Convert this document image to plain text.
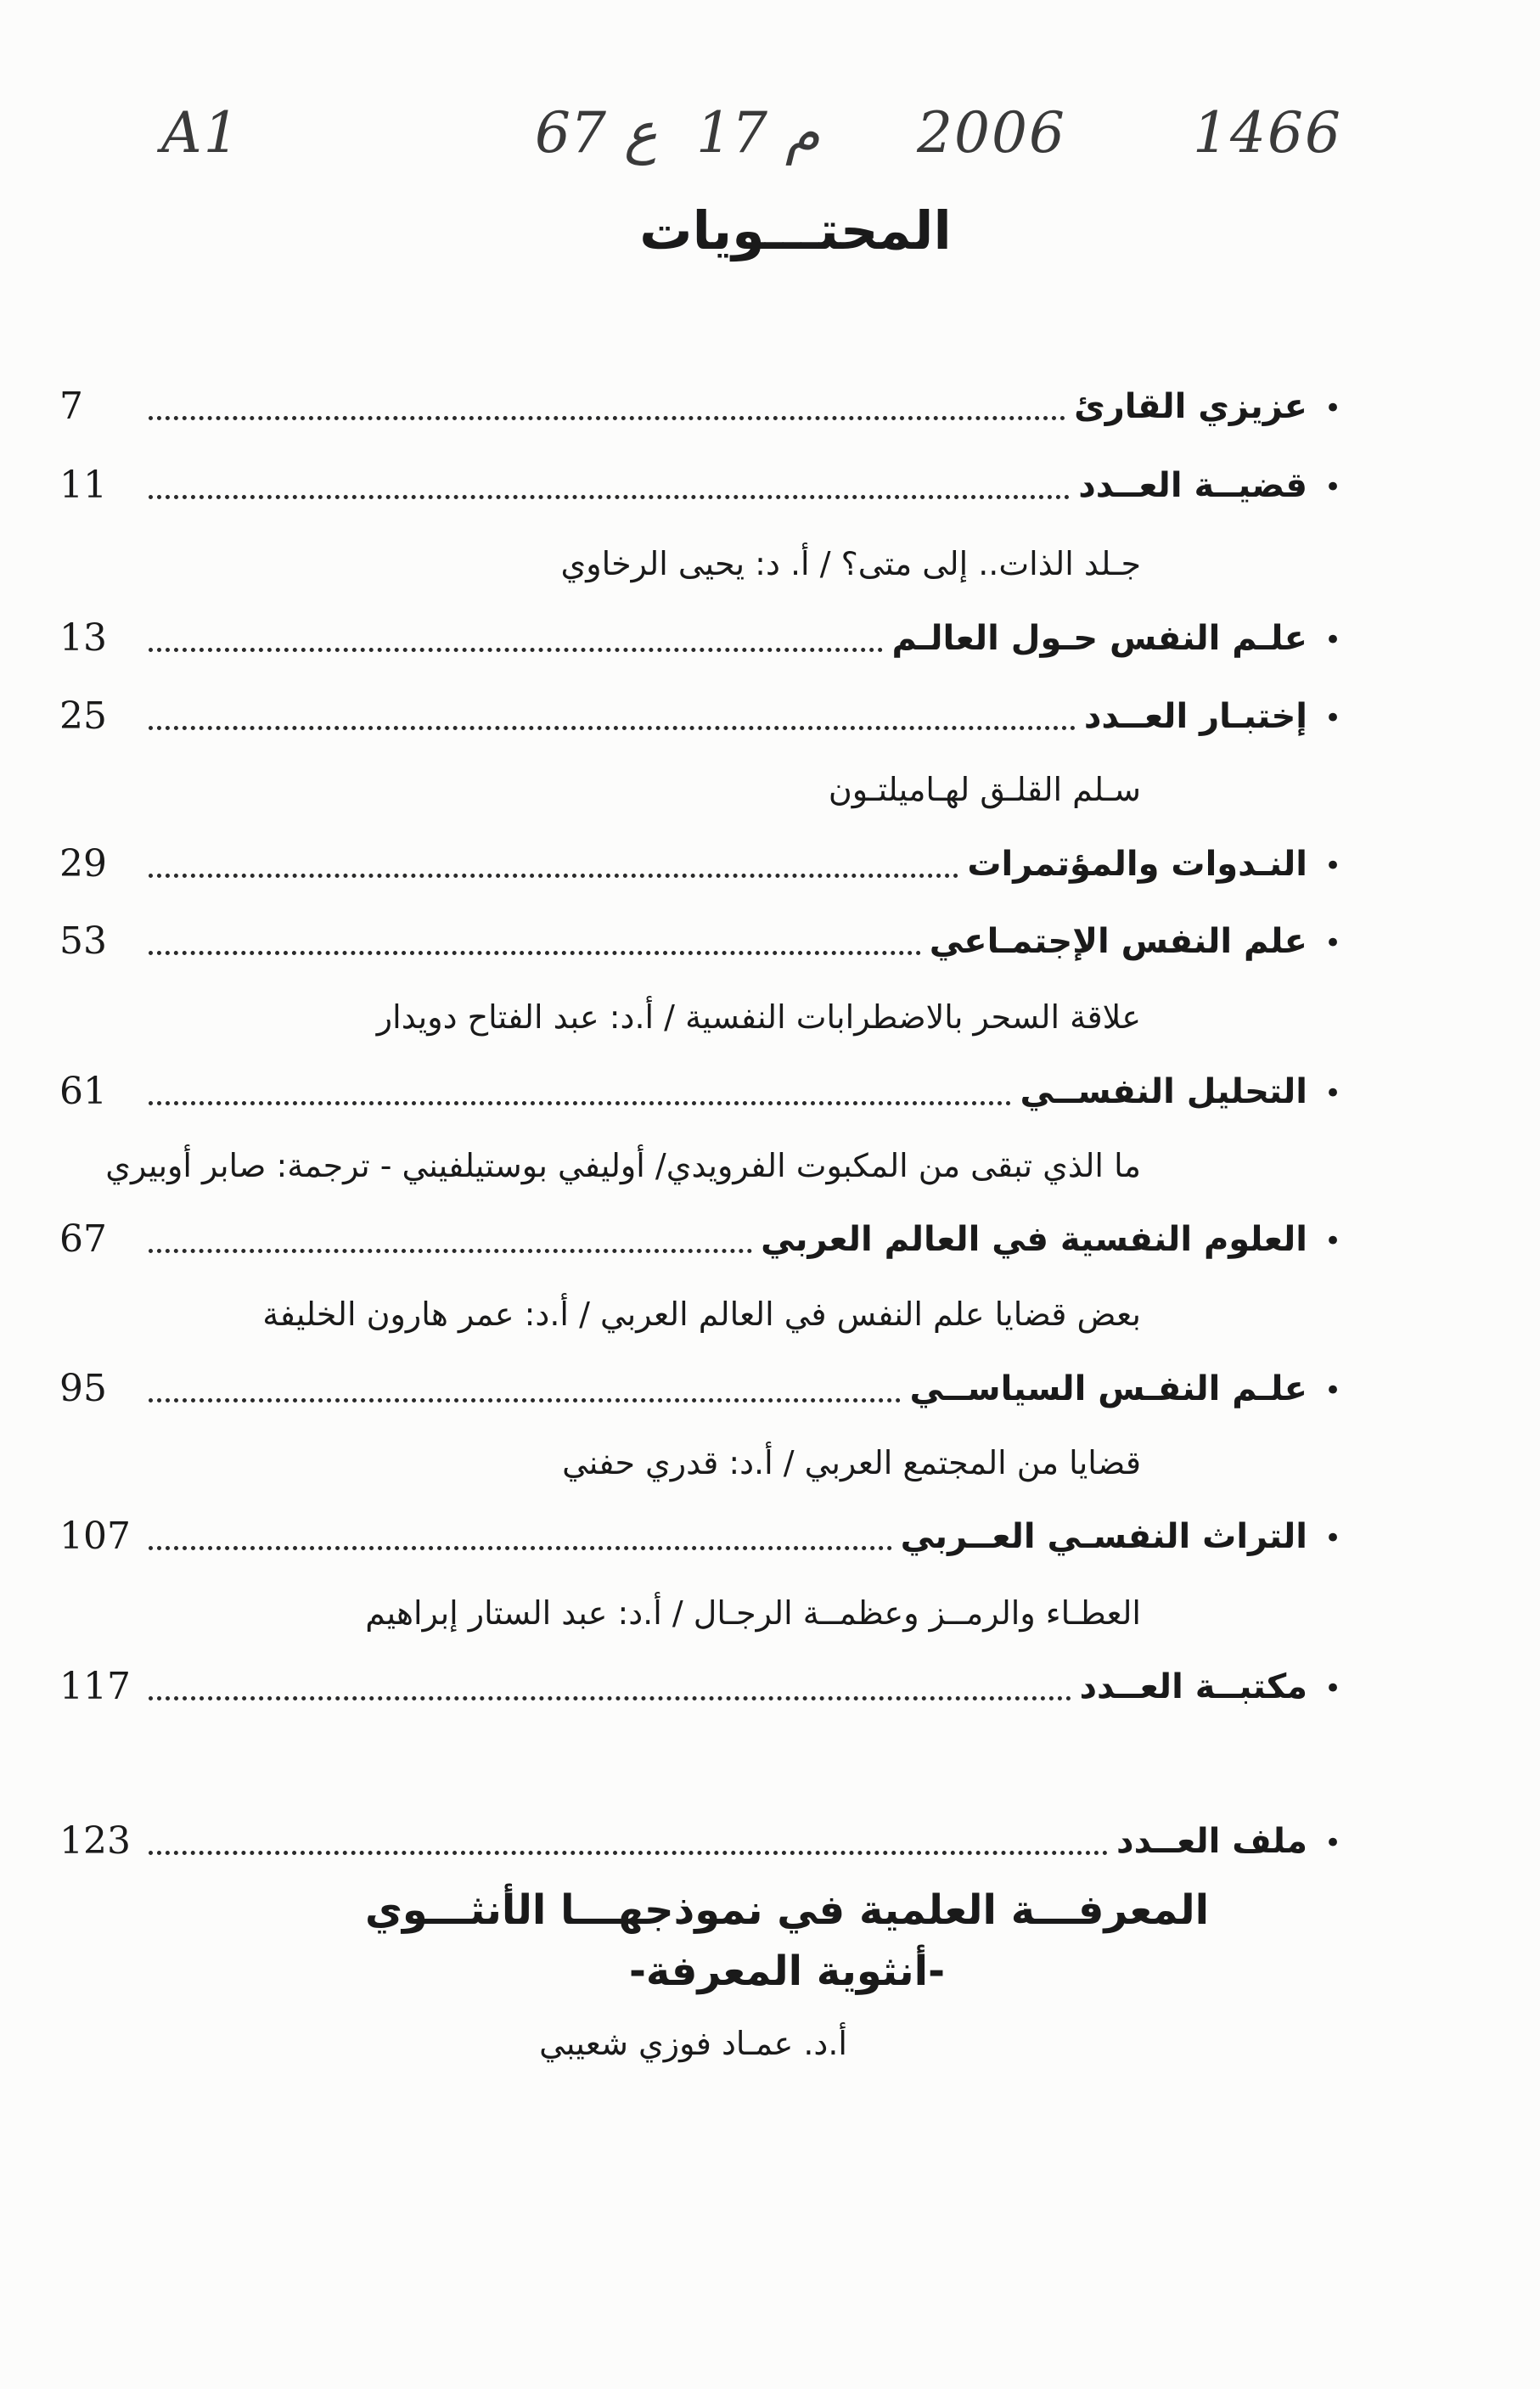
A1	67 ع 17 م 2006 1466
المحتـــويات
•
عزيزي القارئ
7
•
قضيــة العــدد
11
جـلد الذات.. إلى متى؟ / أ. د: يحيى الرخاوي
•
علـم النفس حـول العالـم
13
•
إختبـار العــدد
25
سـلم القلـق لهـاميلتـون
•
النـدوات والمؤتمرات
29
•
علم النفس الإجتمـاعي
53
علاقة السحر بالاضطرابات النفسية / أ.د: عبد الفتاح دويدار
•
التحليل النفســي
61
ما الذي تبقى من المكبوت الفرويدي/ أوليفي بوستيلفيني - ترجمة: صابر أوبيري
•
العلوم النفسية في العالم العربي
67
بعض قضايا علم النفس في العالم العربي / أ.د: عمر هارون الخليفة
•
علـم النفـس السياســي
95
قضايا من المجتمع العربي / أ.د: قدري حفني
•
التراث النفسـي العــربي
107
العطـاء والرمــز وعظمــة الرجـال / أ.د: عبد الستار إبراهيم
•
مكتبــة العــدد
117
•
ملف العــدد
123
المعرفـــة العلمية في نموذجهـــا الأنثـــوي
-أنثوية المعرفة-
أ.د. عمـاد فوزي شعيبي
